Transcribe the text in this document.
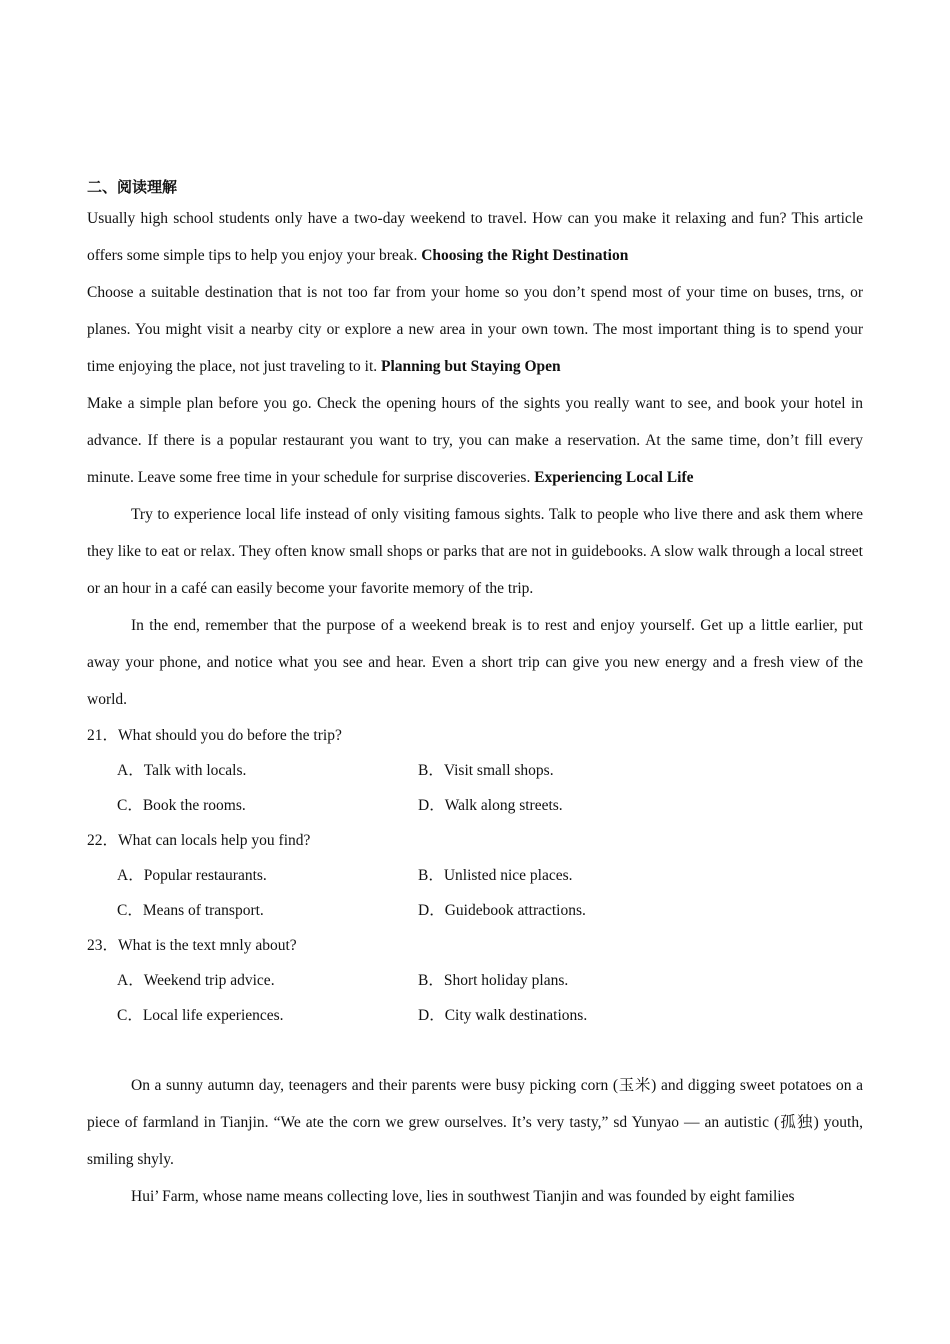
二、阅读理解

Usually high school students only have a two-day weekend to travel. How can you make it relaxing and fun? This article offers some simple tips to help you enjoy your break. Choosing the Right Destination

Choose a suitable destination that is not too far from your home so you don’t spend most of your time on buses, trns, or planes. You might visit a nearby city or explore a new area in your own town. The most important thing is to spend your time enjoying the place, not just traveling to it. Planning but Staying Open

Make a simple plan before you go. Check the opening hours of the sights you really want to see, and book your hotel in advance. If there is a popular restaurant you want to try, you can make a reservation. At the same time, don’t fill every minute. Leave some free time in your schedule for surprise discoveries. Experiencing Local Life

Try to experience local life instead of only visiting famous sights. Talk to people who live there and ask them where they like to eat or relax. They often know small shops or parks that are not in guidebooks. A slow walk through a local street or an hour in a café can easily become your favorite memory of the trip.

In the end, remember that the purpose of a weekend break is to rest and enjoy yourself. Get up a little earlier, put away your phone, and notice what you see and hear. Even a short trip can give you new energy and a fresh view of the world.

21．What should you do before the trip?

A．Talk with locals.	B．Visit small shops.
C．Book the rooms.	D．Walk along streets.

22．What can locals help you find?

A．Popular restaurants.	B．Unlisted nice places.
C．Means of transport.	D．Guidebook attractions.

23．What is the text mnly about?

A．Weekend trip advice.	B．Short holiday plans.
C．Local life experiences.	D．City walk destinations.

On a sunny autumn day, teenagers and their parents were busy picking corn (玉米) and digging sweet potatoes on a piece of farmland in Tianjin. “We ate the corn we grew ourselves. It’s very tasty,” sd Yunyao — an autistic (孤独) youth, smiling shyly.

Hui’ Farm, whose name means collecting love, lies in southwest Tianjin and was founded by eight families
